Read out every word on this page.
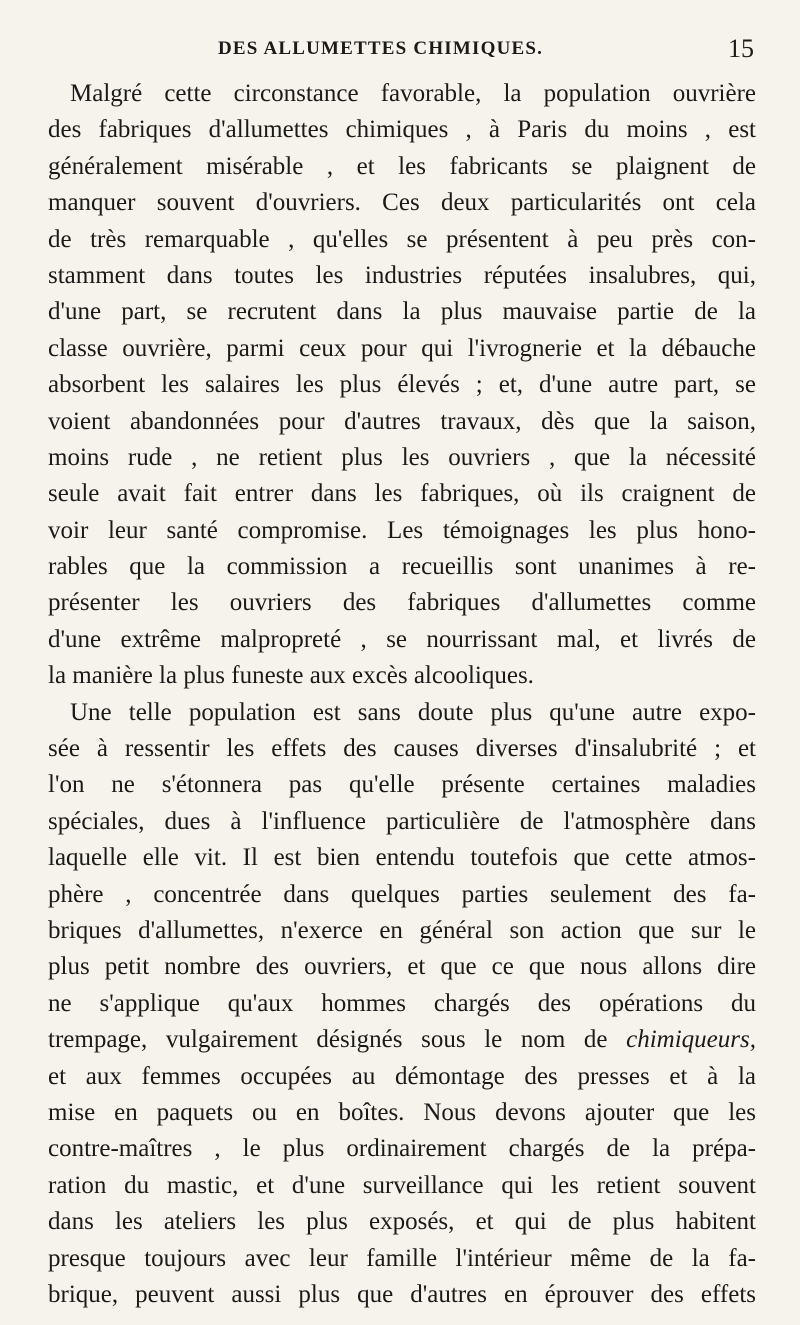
DES ALLUMETTES CHIMIQUES.	15
Malgré cette circonstance favorable, la population ouvrière
des fabriques d'allumettes chimiques , à Paris du moins , est
généralement misérable , et les fabricants se plaignent de
manquer souvent d'ouvriers. Ces deux particularités ont cela
de très remarquable , qu'elles se présentent à peu près con-
stamment dans toutes les industries réputées insalubres, qui,
d'une part, se recrutent dans la plus mauvaise partie de la
classe ouvrière, parmi ceux pour qui l'ivrognerie et la débauche
absorbent les salaires les plus élevés ; et, d'une autre part, se
voient abandonnées pour d'autres travaux, dès que la saison,
moins rude , ne retient plus les ouvriers , que la nécessité
seule avait fait entrer dans les fabriques, où ils craignent de
voir leur santé compromise. Les témoignages les plus hono-
rables que la commission a recueillis sont unanimes à re-
présenter les ouvriers des fabriques d'allumettes comme
d'une extrême malpropreté , se nourrissant mal, et livrés de
la manière la plus funeste aux excès alcooliques.
Une telle population est sans doute plus qu'une autre expo-
sée à ressentir les effets des causes diverses d'insalubrité ; et
l'on ne s'étonnera pas qu'elle présente certaines maladies
spéciales, dues à l'influence particulière de l'atmosphère dans
laquelle elle vit. Il est bien entendu toutefois que cette atmos-
phère , concentrée dans quelques parties seulement des fa-
briques d'allumettes, n'exerce en général son action que sur le
plus petit nombre des ouvriers, et que ce que nous allons dire
ne s'applique qu'aux hommes chargés des opérations du
trempage, vulgairement désignés sous le nom de chimiqueurs,
et aux femmes occupées au démontage des presses et à la
mise en paquets ou en boîtes. Nous devons ajouter que les
contre-maîtres , le plus ordinairement chargés de la prépa-
ration du mastic, et d'une surveillance qui les retient souvent
dans les ateliers les plus exposés, et qui de plus habitent
presque toujours avec leur famille l'intérieur même de la fa-
brique, peuvent aussi plus que d'autres en éprouver des effets
